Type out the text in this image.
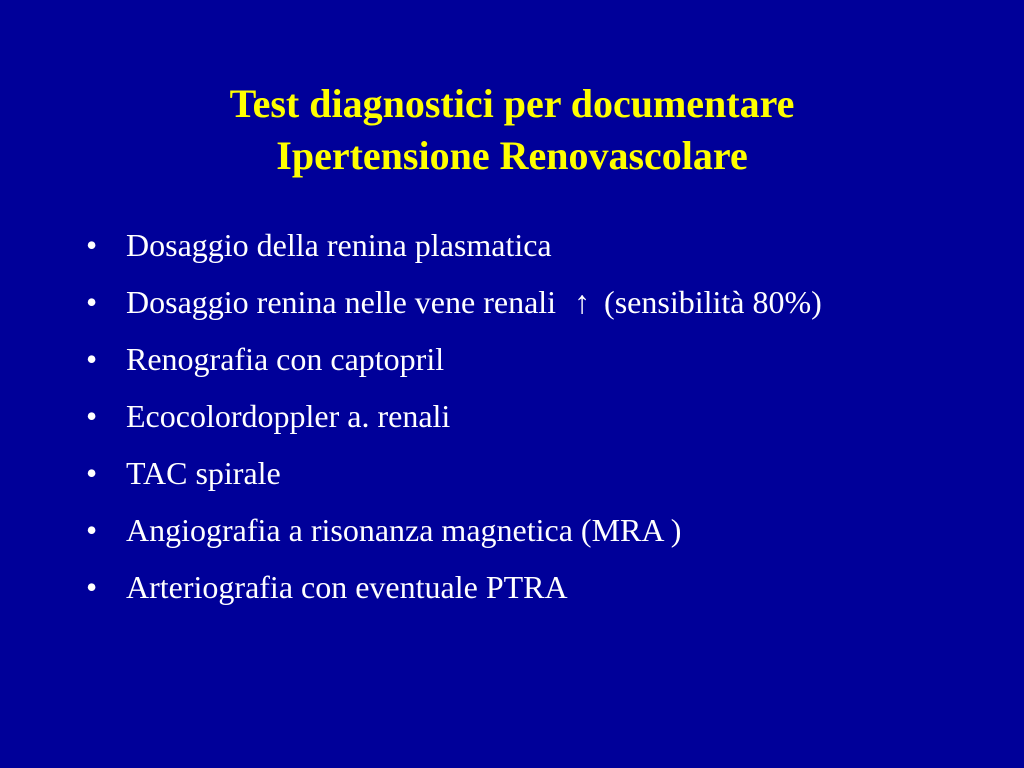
Test diagnostici per documentare
Ipertensione Renovascolare
• Dosaggio della renina plasmatica
• Dosaggio renina nelle vene renali ↑ (sensibilità 80%)
• Renografia con captopril
• Ecocolordoppler a. renali
• TAC spirale
• Angiografia a risonanza magnetica (MRA )
• Arteriografia con eventuale PTRA
